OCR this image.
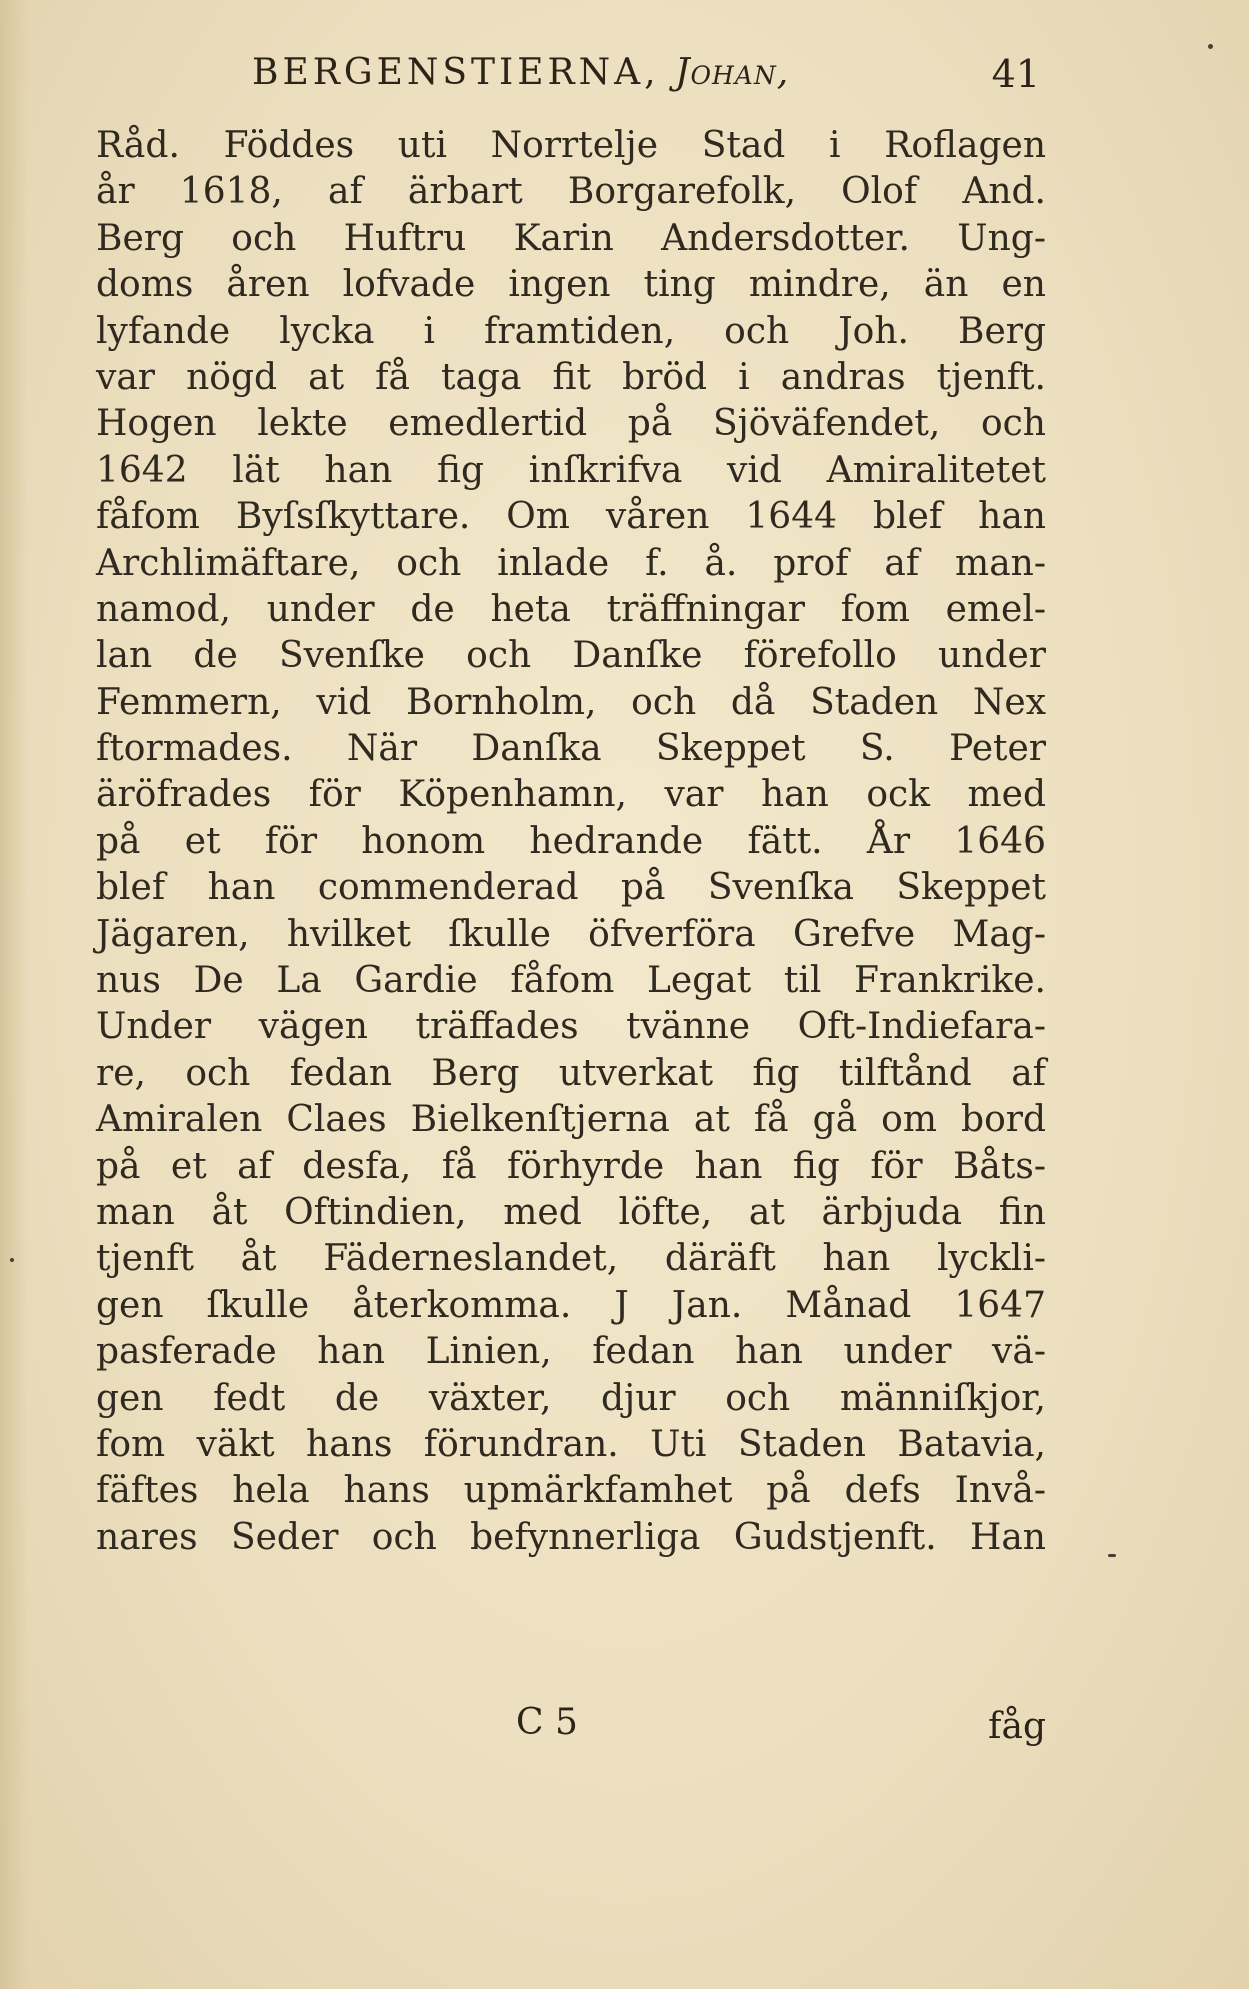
BERGENSTIERNA, Johan,	41
Råd. Föddes uti Norrtelje Stad i Roflagen
år 1618, af ärbart Borgarefolk, Olof And.
Berg och Huftru Karin Andersdotter. Ung-
doms åren lofvade ingen ting mindre, än en
lyfande lycka i framtiden, och Joh. Berg
var nögd at få taga fit bröd i andras tjenft.
Hogen lekte emedlertid på Sjöväfendet, och
1642 lät han fig inſkrifva vid Amiralitetet
fåfom Byſsſkyttare. Om våren 1644 blef han
Archlimäftare, och inlade f. å. prof af man-
namod, under de heta träffningar fom emel-
lan de Svenſke och Danſke förefollo under
Femmern, vid Bornholm, och då Staden Nex
ftormades. När Danſka Skeppet S. Peter
äröfrades för Köpenhamn, var han ock med
på et för honom hedrande fätt. År 1646
blef han commenderad på Svenſka Skeppet
Jägaren, hvilket ſkulle öfverföra Grefve Mag-
nus De La Gardie fåfom Legat til Frankrike.
Under vägen träffades tvänne Oft-Indiefara-
re, och fedan Berg utverkat fig tilftånd af
Amiralen Claes Bielkenſtjerna at få gå om bord
på et af desfa, få förhyrde han fig för Båts-
man åt Oftindien, med löfte, at ärbjuda fin
tjenft åt Fäderneslandet, däräft han lyckli-
gen ſkulle återkomma. J Jan. Månad 1647
pasferade han Linien, fedan han under vä-
gen fedt de växter, djur och männiſkjor,
fom väkt hans förundran. Uti Staden Batavia,
fäftes hela hans upmärkfamhet på defs Invå-
nares Seder och befynnerliga Gudstjenft. Han
C 5	fåg
